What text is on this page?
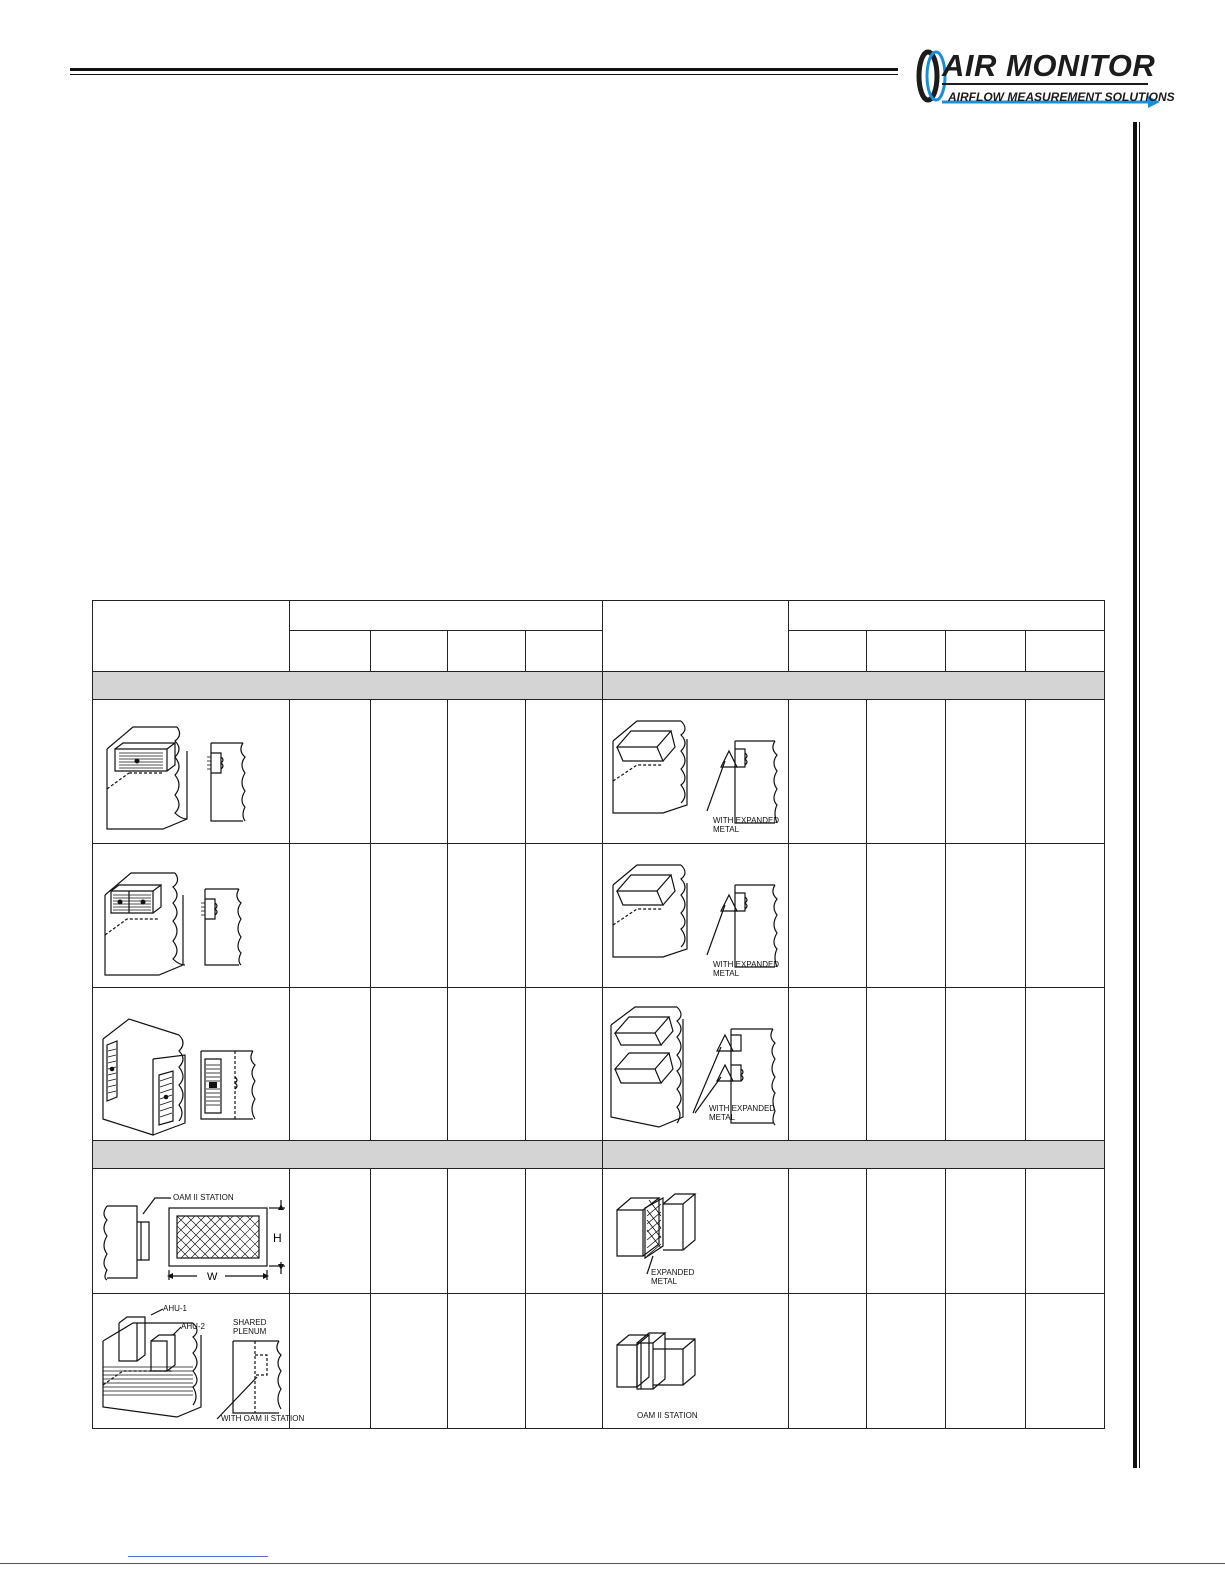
AIR MONITOR
AIRFLOW MEASUREMENT SOLUTIONS

WITH EXPANDED
METAL				

WITH EXPANDED
METAL				

WITH EXPANDED
METAL				

OAM II STATION
H
W					EXPANDED
METAL				

AHU-1
AHU-2 SHARED
PLENUM
WITH OAM II STATION					OAM II STATION				
